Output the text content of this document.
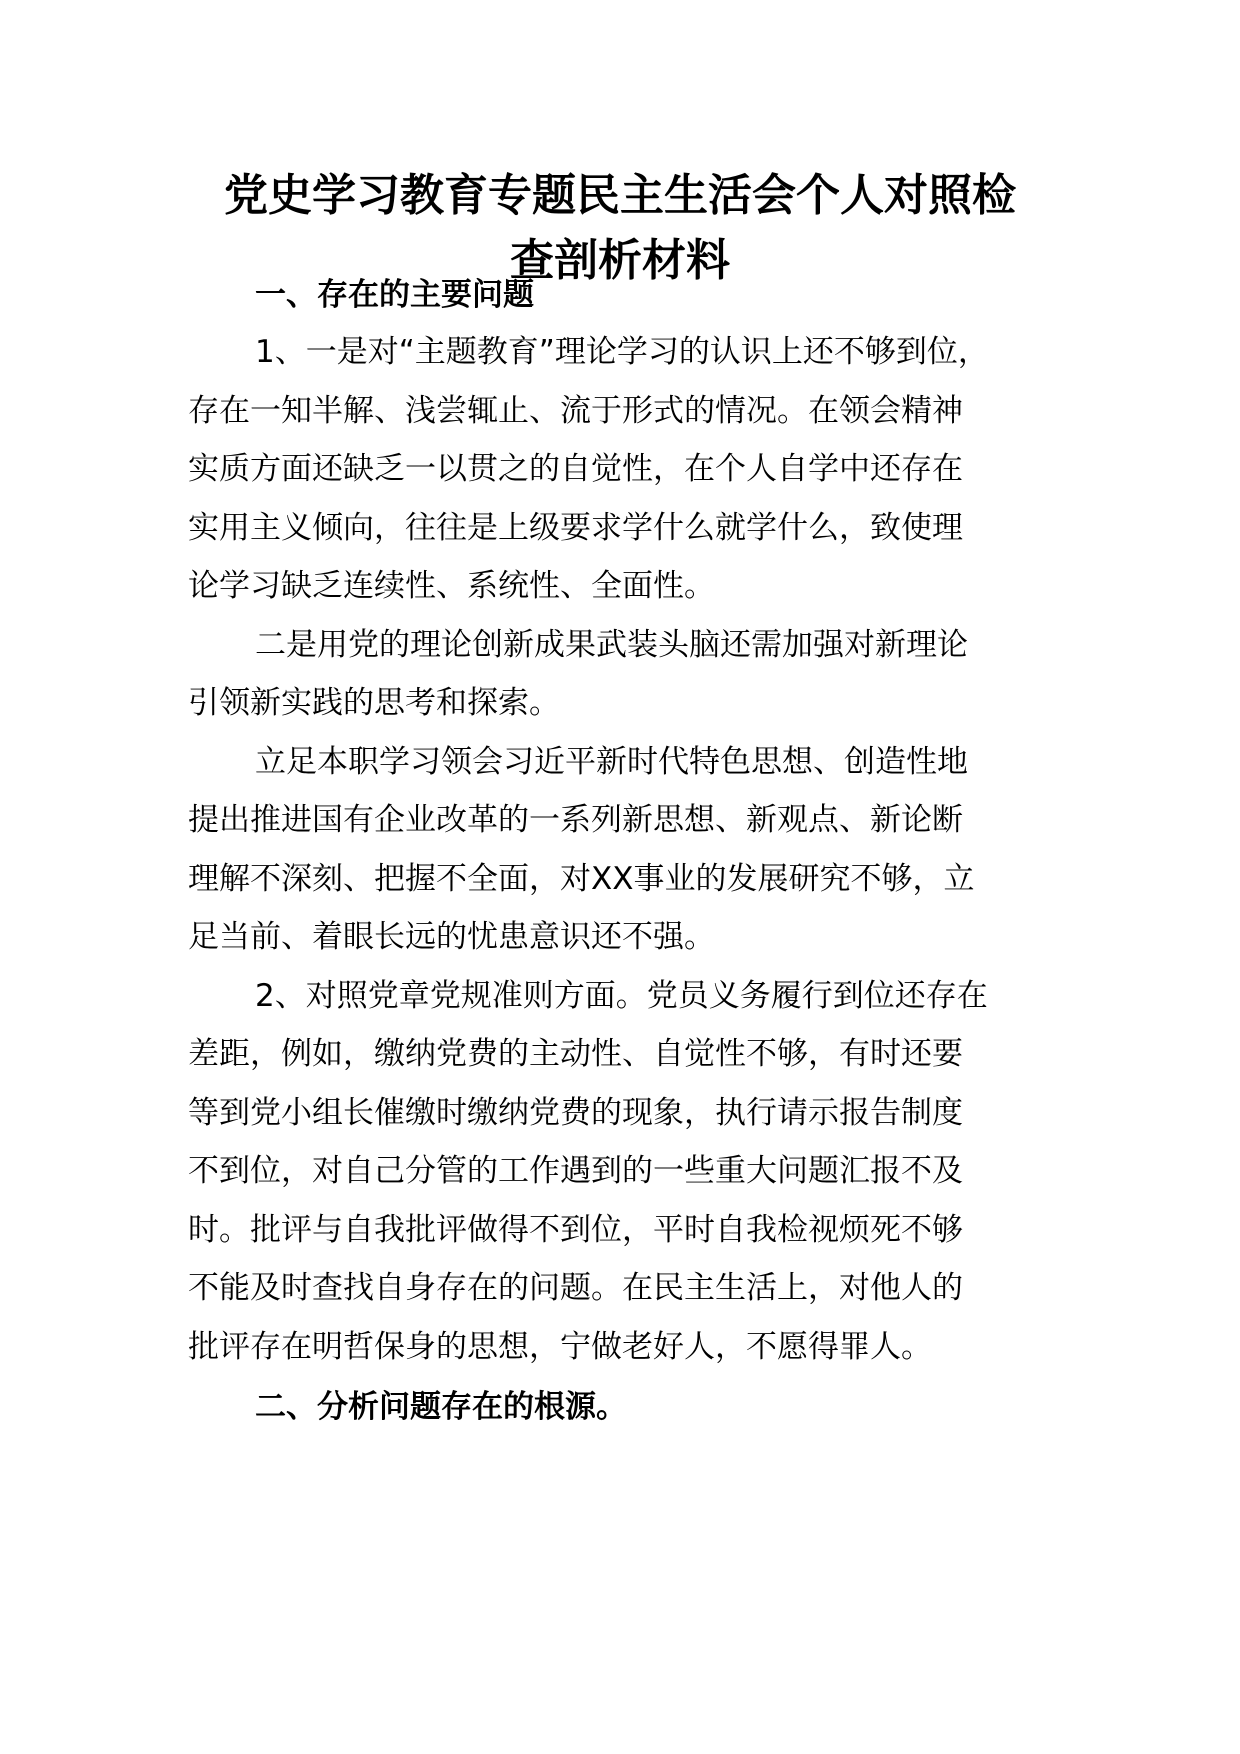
党史学习教育专题民主生活会个人对照检
查剖析材料
一、存在的主要问题

1、一是对“主题教育”理论学习的认识上还不够到位，

存在一知半解、浅尝辄止、流于形式的情况。在领会精神

实质方面还缺乏一以贯之的自觉性，在个人自学中还存在

实用主义倾向，往往是上级要求学什么就学什么，致使理

论学习缺乏连续性、系统性、全面性。

二是用党的理论创新成果武装头脑还需加强对新理论

引领新实践的思考和探索。

立足本职学习领会习近平新时代特色思想、创造性地

提出推进国有企业改革的一系列新思想、新观点、新论断

理解不深刻、把握不全面，对XX事业的发展研究不够，立

足当前、着眼长远的忧患意识还不强。

2、对照党章党规准则方面。党员义务履行到位还存在

差距，例如，缴纳党费的主动性、自觉性不够，有时还要

等到党小组长催缴时缴纳党费的现象，执行请示报告制度

不到位，对自己分管的工作遇到的一些重大问题汇报不及

时。批评与自我批评做得不到位，平时自我检视烦死不够

不能及时查找自身存在的问题。在民主生活上，对他人的

批评存在明哲保身的思想，宁做老好人，不愿得罪人。

二、分析问题存在的根源。
